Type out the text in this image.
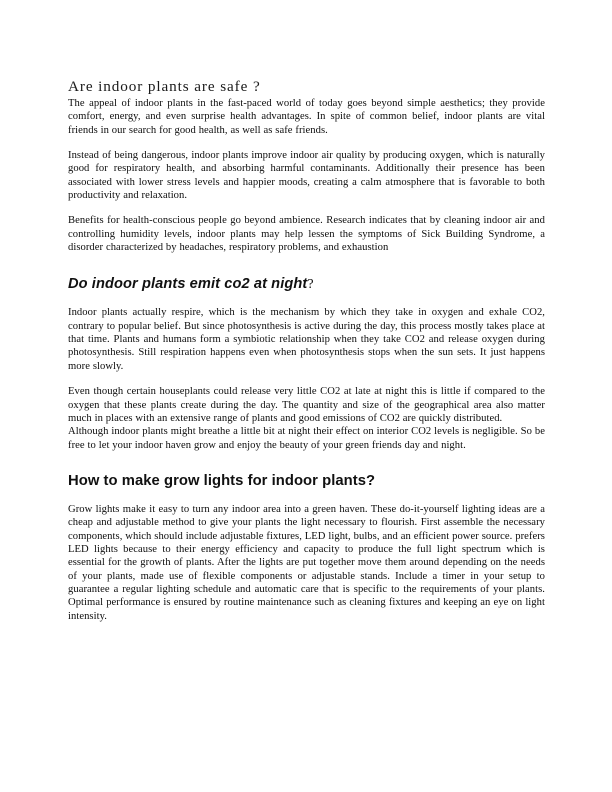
Are indoor plants are safe ?

The appeal of indoor plants in the fast-paced world of today goes beyond simple aesthetics; they provide comfort, energy, and even surprise health advantages. In spite of common belief, indoor plants are vital friends in our search for good health, as well as safe friends.

Instead of being dangerous, indoor plants improve indoor air quality by producing oxygen, which is naturally good for respiratory health, and absorbing harmful contaminants. Additionally their presence has been associated with lower stress levels and happier moods, creating a calm atmosphere that is favorable to both productivity and relaxation.

Benefits for health-conscious people go beyond ambience. Research indicates that by cleaning indoor air and controlling humidity levels, indoor plants may help lessen the symptoms of Sick Building Syndrome, a disorder characterized by headaches, respiratory problems, and exhaustion

Do indoor plants emit co2 at night?

Indoor plants actually respire, which is the mechanism by which they take in oxygen and exhale CO2, contrary to popular belief. But since photosynthesis is active during the day, this process mostly takes place at that time. Plants and humans form a symbiotic relationship when they take CO2 and release oxygen during photosynthesis. Still respiration happens even when photosynthesis stops when the sun sets. It just happens more slowly.

Even though certain houseplants could release very little CO2 at late at night this is little if compared to the oxygen that these plants create during the day. The quantity and size of the geographical area also matter much in places with an extensive range of plants and good emissions of CO2 are quickly distributed.

Although indoor plants might breathe a little bit at night their effect on interior CO2 levels is negligible. So be free to let your indoor haven grow and enjoy the beauty of your green friends day and night.

How to make grow lights for indoor plants?

Grow lights make it easy to turn any indoor area into a green haven. These do-it-yourself lighting ideas are a cheap and adjustable method to give your plants the light necessary to flourish. First assemble the necessary components, which should include adjustable fixtures, LED light, bulbs, and an efficient power source. prefers LED lights because to their energy efficiency and capacity to produce the full light spectrum which is essential for the growth of plants. After the lights are put together move them around depending on the needs of your plants, made use of flexible components or adjustable stands. Include a timer in your setup to guarantee a regular lighting schedule and automatic care that is specific to the requirements of your plants. Optimal performance is ensured by routine maintenance such as cleaning fixtures and keeping an eye on light intensity.
